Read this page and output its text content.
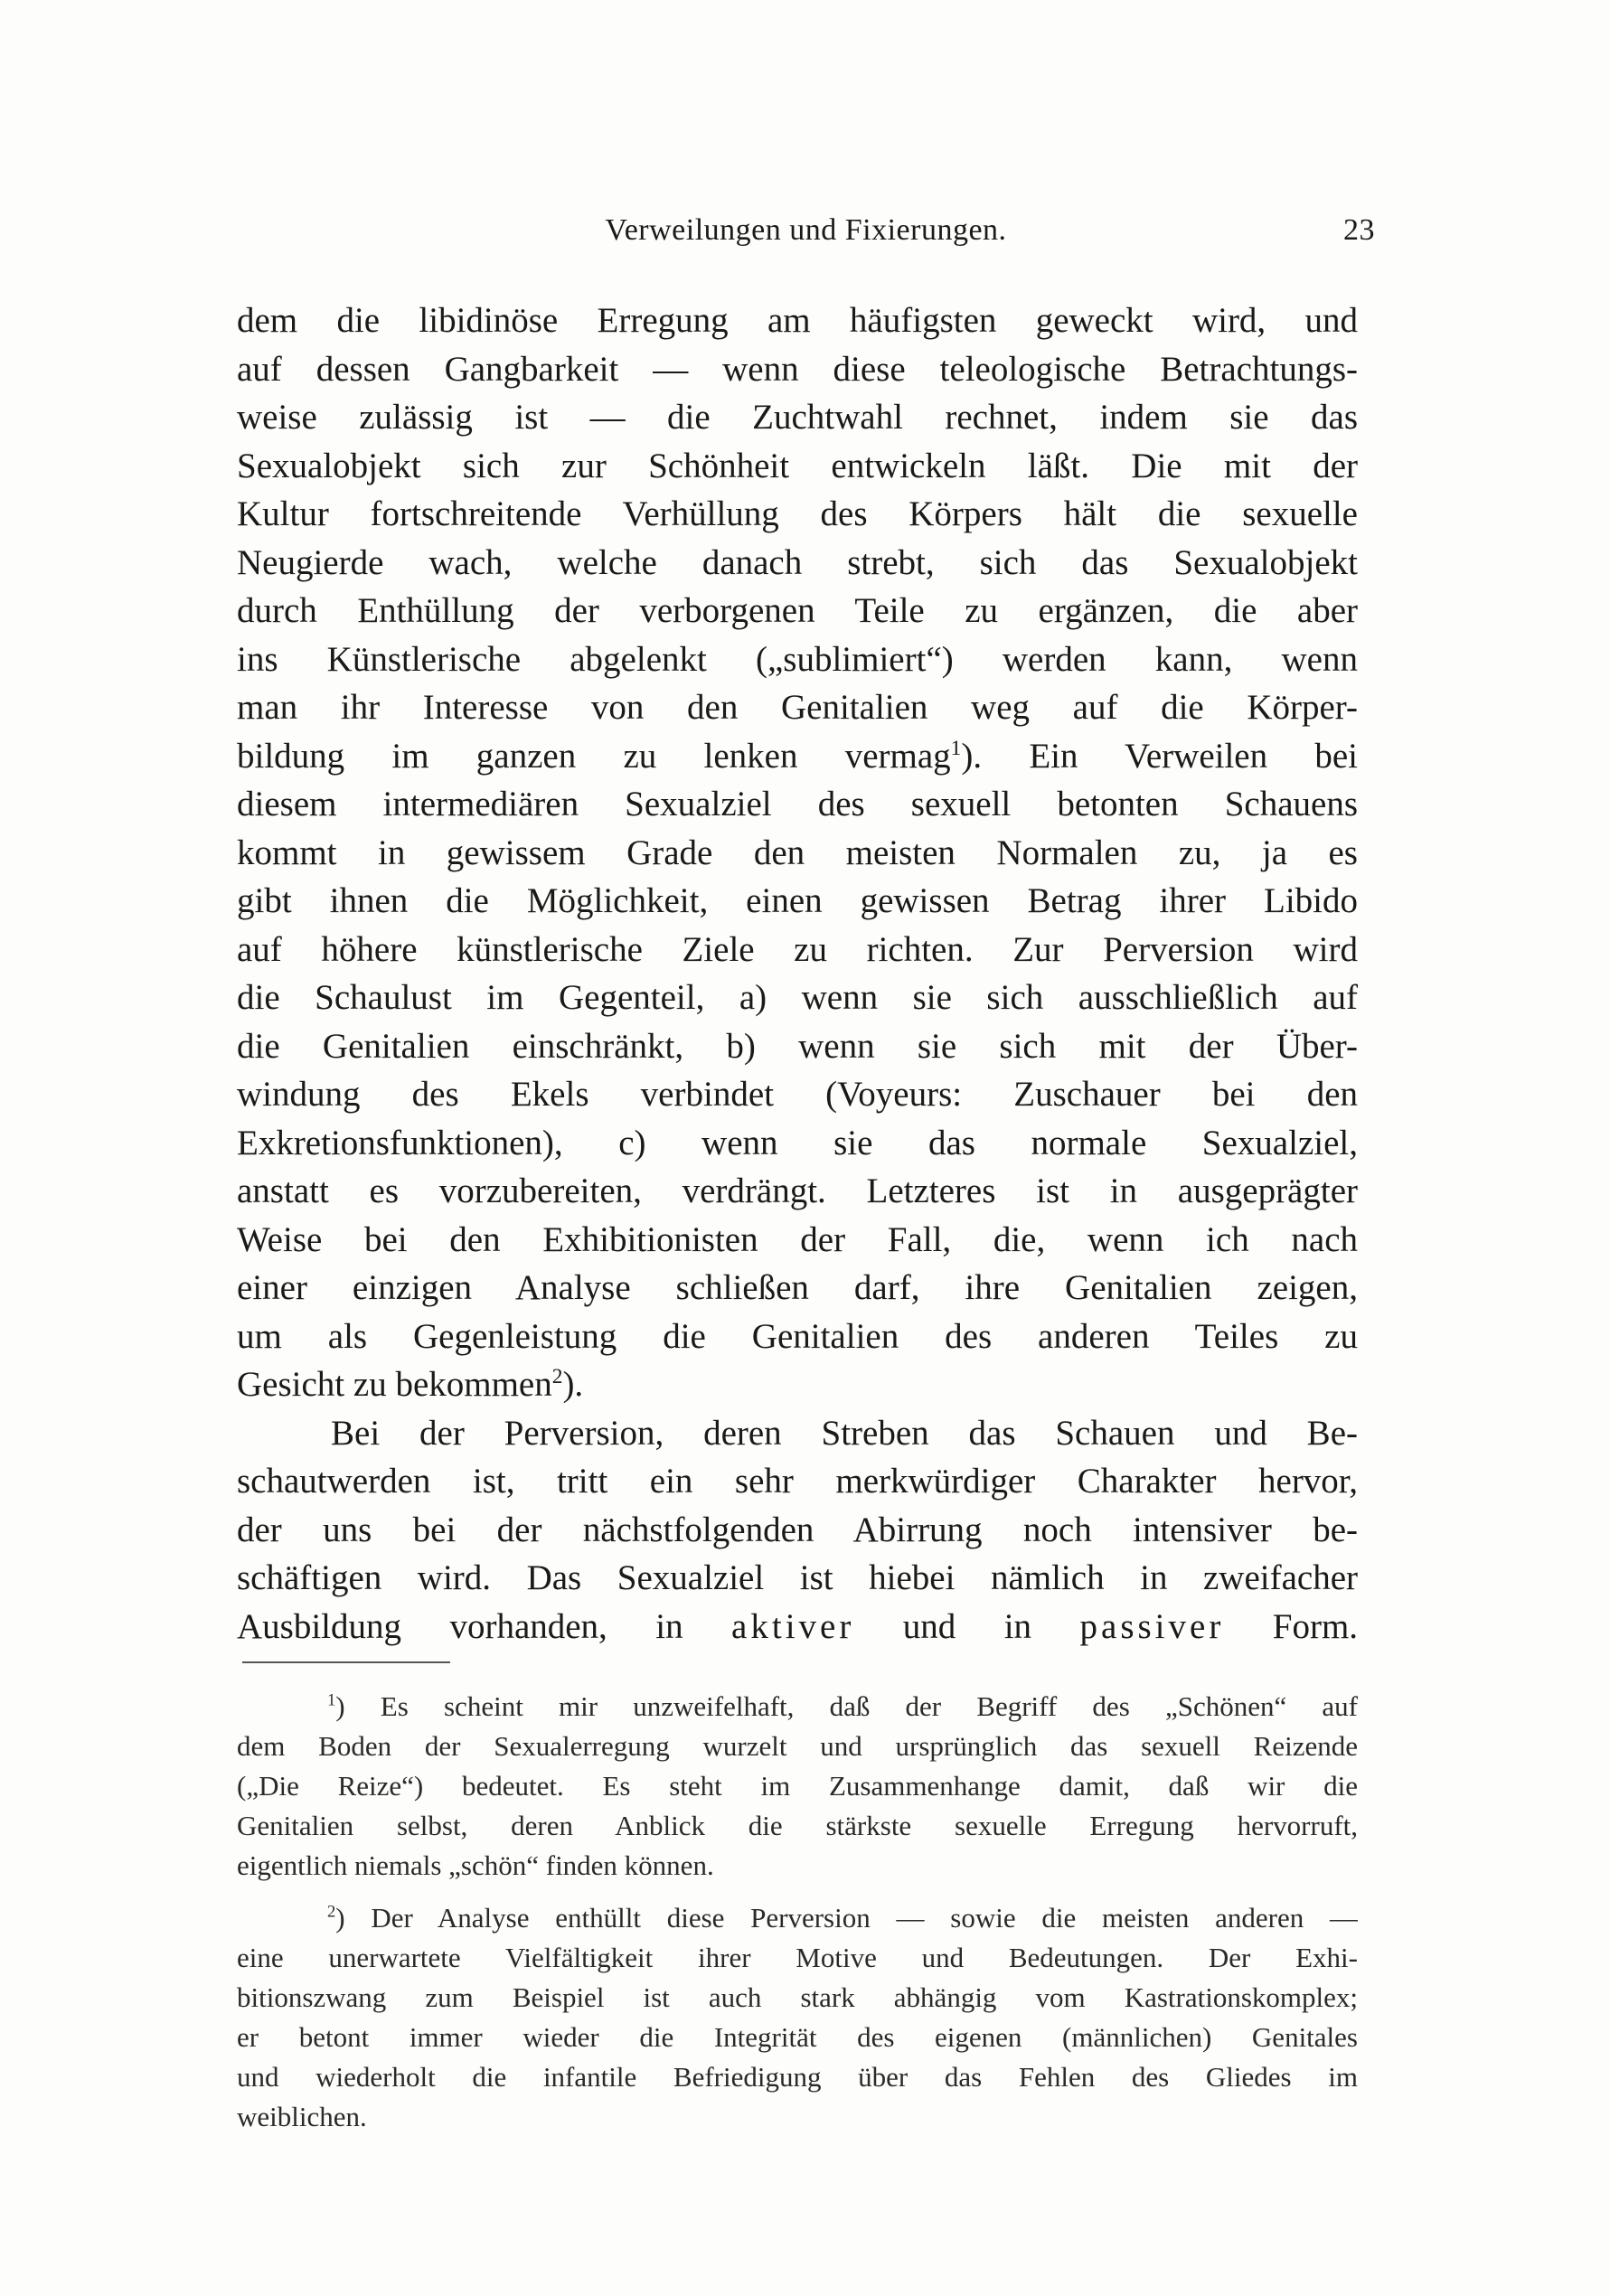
Verweilungen und Fixierungen.	23
dem die libidinöse Erregung am häufigsten geweckt wird, und
auf dessen Gangbarkeit — wenn diese teleologische Betrachtungs-
weise zulässig ist — die Zuchtwahl rechnet, indem sie das
Sexualobjekt sich zur Schönheit entwickeln läßt. Die mit der
Kultur fortschreitende Verhüllung des Körpers hält die sexuelle
Neugierde wach, welche danach strebt, sich das Sexualobjekt
durch Enthüllung der verborgenen Teile zu ergänzen, die aber
ins Künstlerische abgelenkt („sublimiert“) werden kann, wenn
man ihr Interesse von den Genitalien weg auf die Körper-
bildung im ganzen zu lenken vermag$^1$). Ein Verweilen bei
diesem intermediären Sexualziel des sexuell betonten Schauens
kommt in gewissem Grade den meisten Normalen zu, ja es
gibt ihnen die Möglichkeit, einen gewissen Betrag ihrer Libido
auf höhere künstlerische Ziele zu richten. Zur Perversion wird
die Schaulust im Gegenteil, a) wenn sie sich ausschließlich auf
die Genitalien einschränkt, b) wenn sie sich mit der Über-
windung des Ekels verbindet (Voyeurs: Zuschauer bei den
Exkretionsfunktionen), c) wenn sie das normale Sexualziel,
anstatt es vorzubereiten, verdrängt. Letzteres ist in ausgeprägter
Weise bei den Exhibitionisten der Fall, die, wenn ich nach
einer einzigen Analyse schließen darf, ihre Genitalien zeigen,
um als Gegenleistung die Genitalien des anderen Teiles zu
Gesicht zu bekommen$^2$).
Bei der Perversion, deren Streben das Schauen und Be-
schautwerden ist, tritt ein sehr merkwürdiger Charakter hervor,
der uns bei der nächstfolgenden Abirrung noch intensiver be-
schäftigen wird. Das Sexualziel ist hiebei nämlich in zweifacher
Ausbildung vorhanden, in aktiver und in passiver Form.
$^1$) Es scheint mir unzweifelhaft, daß der Begriff des „Schönen“ auf
dem Boden der Sexualerregung wurzelt und ursprünglich das sexuell Reizende
(„Die Reize“) bedeutet. Es steht im Zusammenhange damit, daß wir die
Genitalien selbst, deren Anblick die stärkste sexuelle Erregung hervorruft,
eigentlich niemals „schön“ finden können.
$^2$) Der Analyse enthüllt diese Perversion — sowie die meisten anderen —
eine unerwartete Vielfältigkeit ihrer Motive und Bedeutungen. Der Exhi-
bitionszwang zum Beispiel ist auch stark abhängig vom Kastrationskomplex;
er betont immer wieder die Integrität des eigenen (männlichen) Genitales
und wiederholt die infantile Befriedigung über das Fehlen des Gliedes im
weiblichen.
